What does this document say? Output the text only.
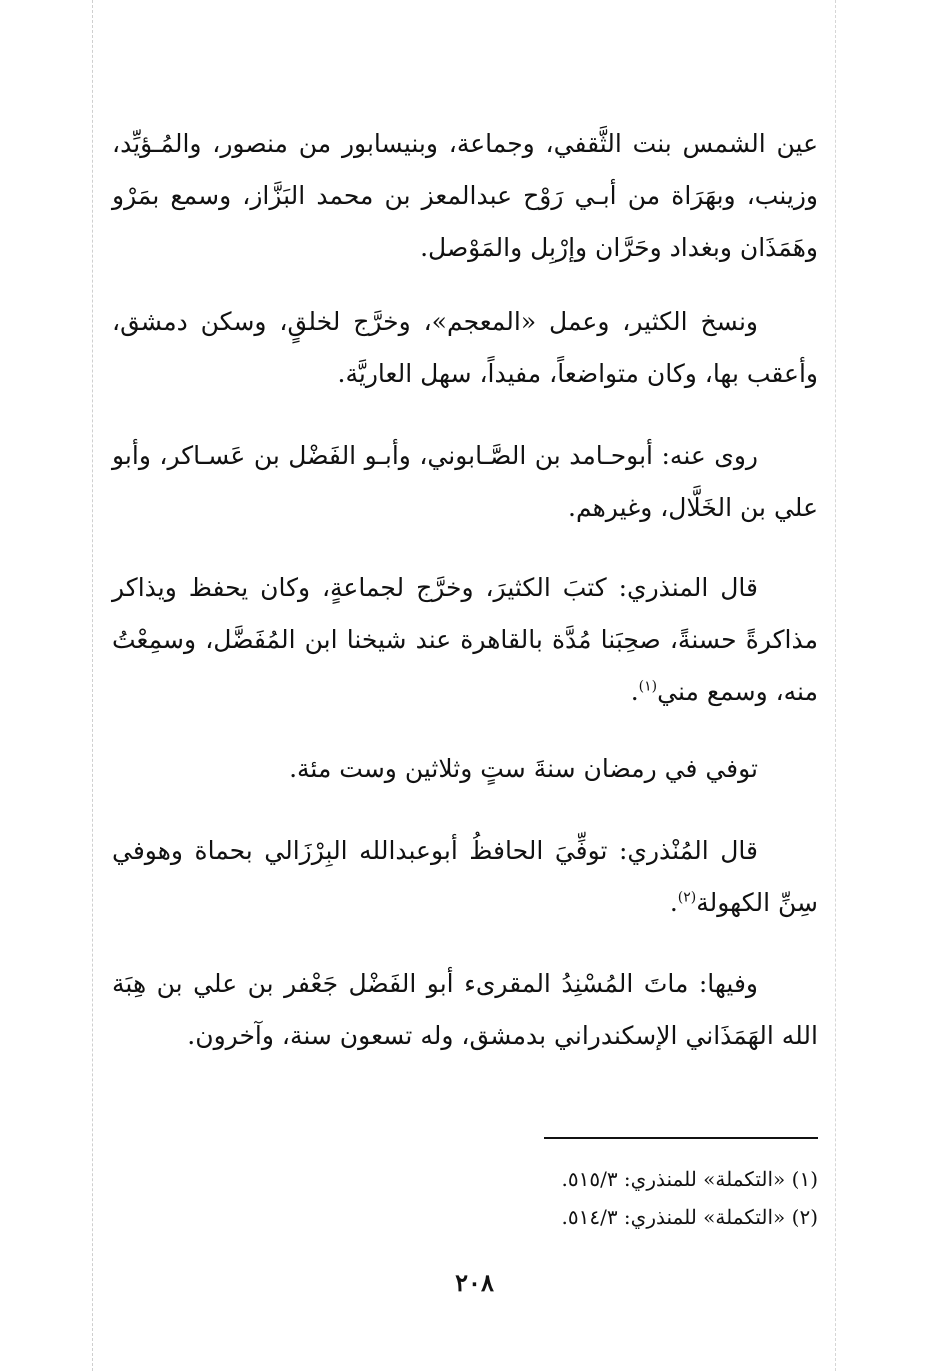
عين الشمس بنت الثَّقفي، وجماعة، وبنيسابور من منصور، والمُـؤيِّد، وزينب، وبهَرَاة من أبـي رَوْح عبدالمعز بن محمد البَزَّاز، وسمع بمَرْو وهَمَذَان وبغداد وحَرَّان وإرْبِل والمَوْصل.

ونسخ الكثير، وعمل «المعجم»، وخرَّج لخلقٍ، وسكن دمشق، وأعقب بها، وكان متواضعاً، مفيداً، سهل العاريَّة.

روى عنه: أبوحـامد بن الصَّـابوني، وأبـو الفَضْل بن عَسـاكر، وأبو علي بن الخَلَّال، وغيرهم.

قال المنذري: كتبَ الكثيرَ، وخرَّج لجماعةٍ، وكان يحفظ ويذاكر مذاكرةً حسنةً، صحِبَنا مُدَّة بالقاهرة عند شيخنا ابن المُفَضَّل، وسمِعْتُ منه، وسمع مني$^{(١)}$.

توفي في رمضان سنةَ ستٍ وثلاثين وست مئة.

قال المُنْذري: توفِّيَ الحافظُ أبوعبدالله البِرْزَالي بحماة وهوفي سِنِّ الكهولة$^{(٢)}$.

وفيها: ماتَ المُسْنِدُ المقرىء أبو الفَضْل جَعْفر بن علي بن هِبَة الله الهَمَذَاني الإسكندراني بدمشق، وله تسعون سنة، وآخرون.

(١) «التكملة» للمنذري: ٥١٥/٣.

(٢) «التكملة» للمنذري: ٥١٤/٣.

٢٠٨
